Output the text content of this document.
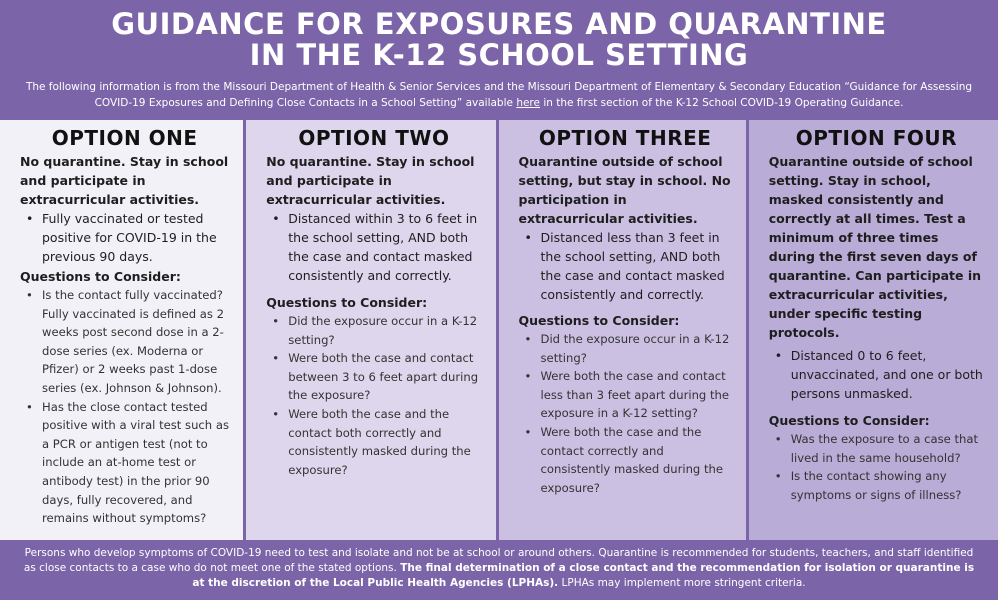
GUIDANCE FOR EXPOSURES AND QUARANTINE
IN THE K-12 SCHOOL SETTING

The following information is from the Missouri Department of Health & Senior Services and the Missouri Department of Elementary & Secondary Education “Guidance for Assessing COVID-19 Exposures and Defining Close Contacts in a School Setting” available here in the first section of the K-12 School COVID-19 Operating Guidance.

OPTION ONE

No quarantine. Stay in school and participate in extracurricular activities.

• Fully vaccinated or tested positive for COVID-19 in the previous 90 days.

Questions to Consider:

• Is the contact fully vaccinated? Fully vaccinated is defined as 2 weeks post second dose in a 2-dose series (ex. Moderna or Pfizer) or 2 weeks past 1-dose series (ex. Johnson & Johnson).
• Has the close contact tested positive with a viral test such as a PCR or antigen test (not to include an at-home test or antibody test) in the prior 90 days, fully recovered, and remains without symptoms?
OPTION TWO

No quarantine. Stay in school and participate in extracurricular activities.

• Distanced within 3 to 6 feet in the school setting, AND both the case and contact masked consistently and correctly.

Questions to Consider:

• Did the exposure occur in a K-12 setting?
• Were both the case and contact between 3 to 6 feet apart during the exposure?
• Were both the case and the contact both correctly and consistently masked during the exposure?
OPTION THREE

Quarantine outside of school setting, but stay in school. No participation in extracurricular activities.

• Distanced less than 3 feet in the school setting, AND both the case and contact masked consistently and correctly.

Questions to Consider:

• Did the exposure occur in a K-12 setting?
• Were both the case and contact less than 3 feet apart during the exposure in a K-12 setting?
• Were both the case and the contact correctly and consistently masked during the exposure?
OPTION FOUR

Quarantine outside of school setting. Stay in school, masked consistently and correctly at all times. Test a minimum of three times during the first seven days of quarantine. Can participate in extracurricular activities, under specific testing protocols.

• Distanced 0 to 6 feet, unvaccinated, and one or both persons unmasked.

Questions to Consider:

• Was the exposure to a case that lived in the same household?
• Is the contact showing any symptoms or signs of illness?
Persons who develop symptoms of COVID-19 need to test and isolate and not be at school or around others. Quarantine is recommended for students, teachers, and staff identified as close contacts to a case who do not meet one of the stated options. The final determination of a close contact and the recommendation for isolation or quarantine is at the discretion of the Local Public Health Agencies (LPHAs). LPHAs may implement more stringent criteria.
